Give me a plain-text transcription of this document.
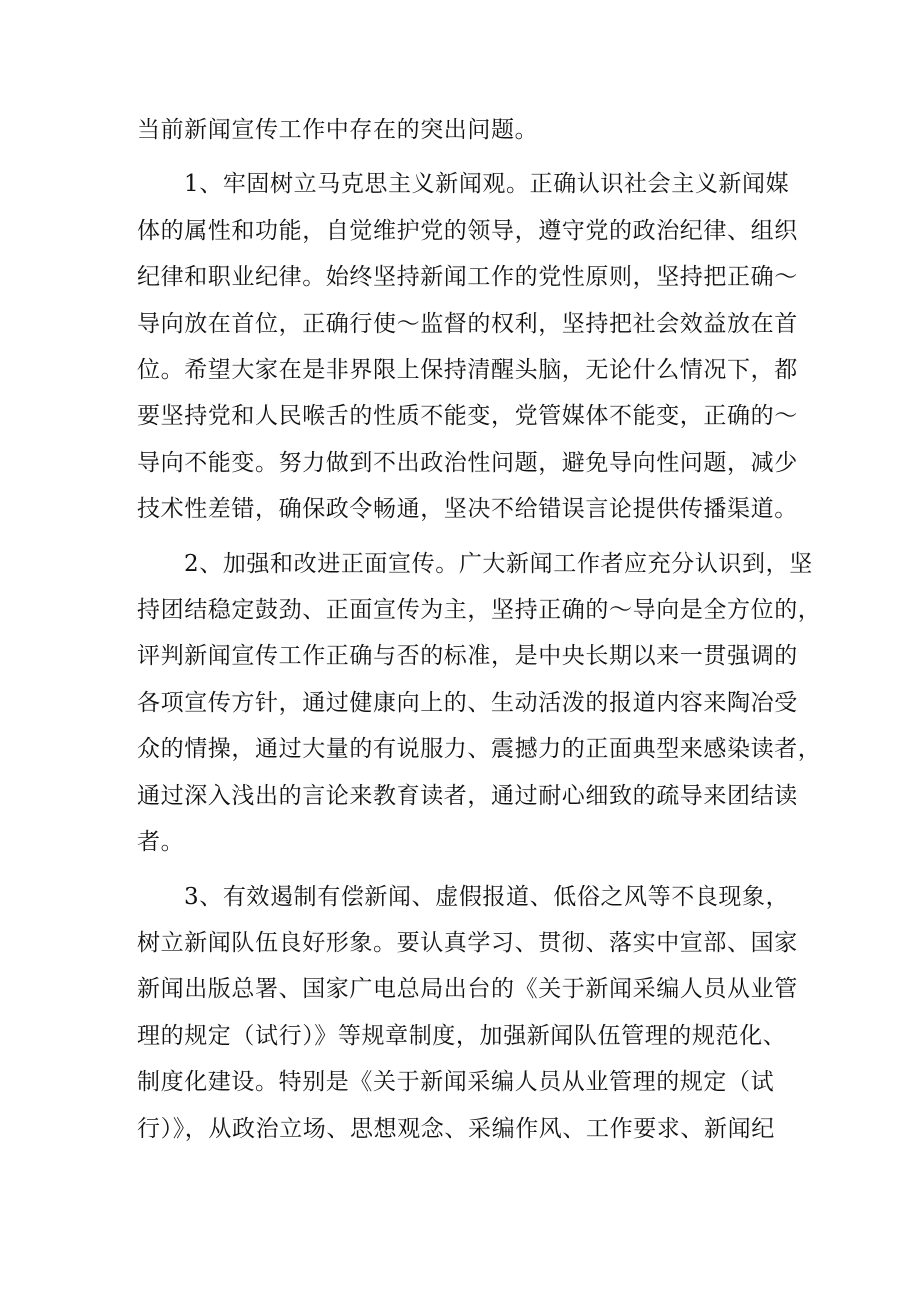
当前新闻宣传工作中存在的突出问题。

1、牢固树立马克思主义新闻观。正确认识社会主义新闻媒
体的属性和功能，自觉维护党的领导，遵守党的政治纪律、组织
纪律和职业纪律。始终坚持新闻工作的党性原则，坚持把正确～
导向放在首位，正确行使～监督的权利，坚持把社会效益放在首
位。希望大家在是非界限上保持清醒头脑，无论什么情况下，都
要坚持党和人民喉舌的性质不能变，党管媒体不能变，正确的～
导向不能变。努力做到不出政治性问题，避免导向性问题，减少
技术性差错，确保政令畅通，坚决不给错误言论提供传播渠道。

2、加强和改进正面宣传。广大新闻工作者应充分认识到，坚
持团结稳定鼓劲、正面宣传为主，坚持正确的～导向是全方位的，
评判新闻宣传工作正确与否的标准，是中央长期以来一贯强调的
各项宣传方针，通过健康向上的、生动活泼的报道内容来陶冶受
众的情操，通过大量的有说服力、震撼力的正面典型来感染读者，
通过深入浅出的言论来教育读者，通过耐心细致的疏导来团结读
者。

3、有效遏制有偿新闻、虚假报道、低俗之风等不良现象，
树立新闻队伍良好形象。要认真学习、贯彻、落实中宣部、国家
新闻出版总署、国家广电总局出台的《关于新闻采编人员从业管
理的规定（试行）》等规章制度，加强新闻队伍管理的规范化、
制度化建设。特别是《关于新闻采编人员从业管理的规定（试
行）》，从政治立场、思想观念、采编作风、工作要求、新闻纪
